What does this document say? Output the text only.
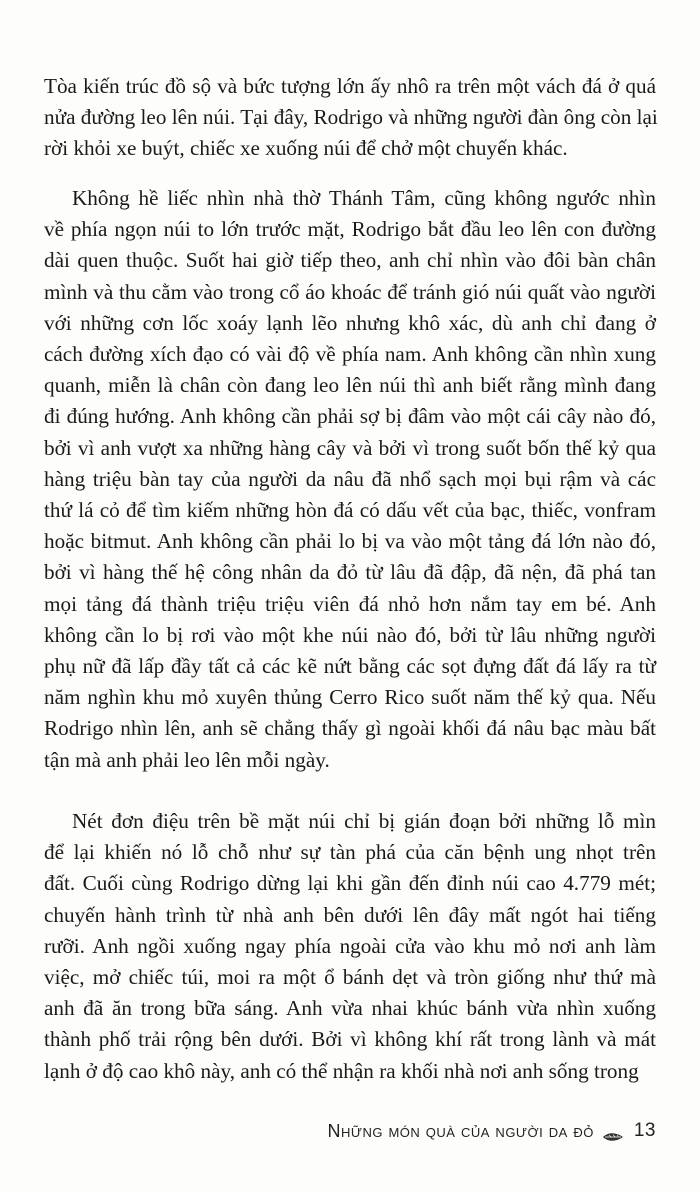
Tòa kiến trúc đồ sộ và bức tượng lớn ấy nhô ra trên một vách đá ở quá
nửa đường leo lên núi. Tại đây, Rodrigo và những người đàn ông còn lại
rời khỏi xe buýt, chiếc xe xuống núi để chở một chuyến khác.
Không hề liếc nhìn nhà thờ Thánh Tâm, cũng không ngước nhìn
về phía ngọn núi to lớn trước mặt, Rodrigo bắt đầu leo lên con đường
dài quen thuộc. Suốt hai giờ tiếp theo, anh chỉ nhìn vào đôi bàn chân
mình và thu cằm vào trong cổ áo khoác để tránh gió núi quất vào người
với những cơn lốc xoáy lạnh lẽo nhưng khô xác, dù anh chỉ đang ở
cách đường xích đạo có vài độ về phía nam. Anh không cần nhìn xung
quanh, miễn là chân còn đang leo lên núi thì anh biết rằng mình đang
đi đúng hướng. Anh không cần phải sợ bị đâm vào một cái cây nào đó,
bởi vì anh vượt xa những hàng cây và bởi vì trong suốt bốn thế kỷ qua
hàng triệu bàn tay của người da nâu đã nhổ sạch mọi bụi rậm và các
thứ lá cỏ để tìm kiếm những hòn đá có dấu vết của bạc, thiếc, vonfram
hoặc bitmut. Anh không cần phải lo bị va vào một tảng đá lớn nào đó,
bởi vì hàng thế hệ công nhân da đỏ từ lâu đã đập, đã nện, đã phá tan
mọi tảng đá thành triệu triệu viên đá nhỏ hơn nắm tay em bé. Anh
không cần lo bị rơi vào một khe núi nào đó, bởi từ lâu những người
phụ nữ đã lấp đầy tất cả các kẽ nứt bằng các sọt đựng đất đá lấy ra từ
năm nghìn khu mỏ xuyên thủng Cerro Rico suốt năm thế kỷ qua. Nếu
Rodrigo nhìn lên, anh sẽ chẳng thấy gì ngoài khối đá nâu bạc màu bất
tận mà anh phải leo lên mỗi ngày.
Nét đơn điệu trên bề mặt núi chỉ bị gián đoạn bởi những lỗ mìn
để lại khiến nó lỗ chỗ như sự tàn phá của căn bệnh ung nhọt trên
đất. Cuối cùng Rodrigo dừng lại khi gần đến đỉnh núi cao 4.779 mét;
chuyến hành trình từ nhà anh bên dưới lên đây mất ngót hai tiếng
rưỡi. Anh ngồi xuống ngay phía ngoài cửa vào khu mỏ nơi anh làm
việc, mở chiếc túi, moi ra một ổ bánh dẹt và tròn giống như thứ mà
anh đã ăn trong bữa sáng. Anh vừa nhai khúc bánh vừa nhìn xuống
thành phố trải rộng bên dưới. Bởi vì không khí rất trong lành và mát
lạnh ở độ cao khô này, anh có thể nhận ra khối nhà nơi anh sống trong
Những món quà của người da đỏ 13
